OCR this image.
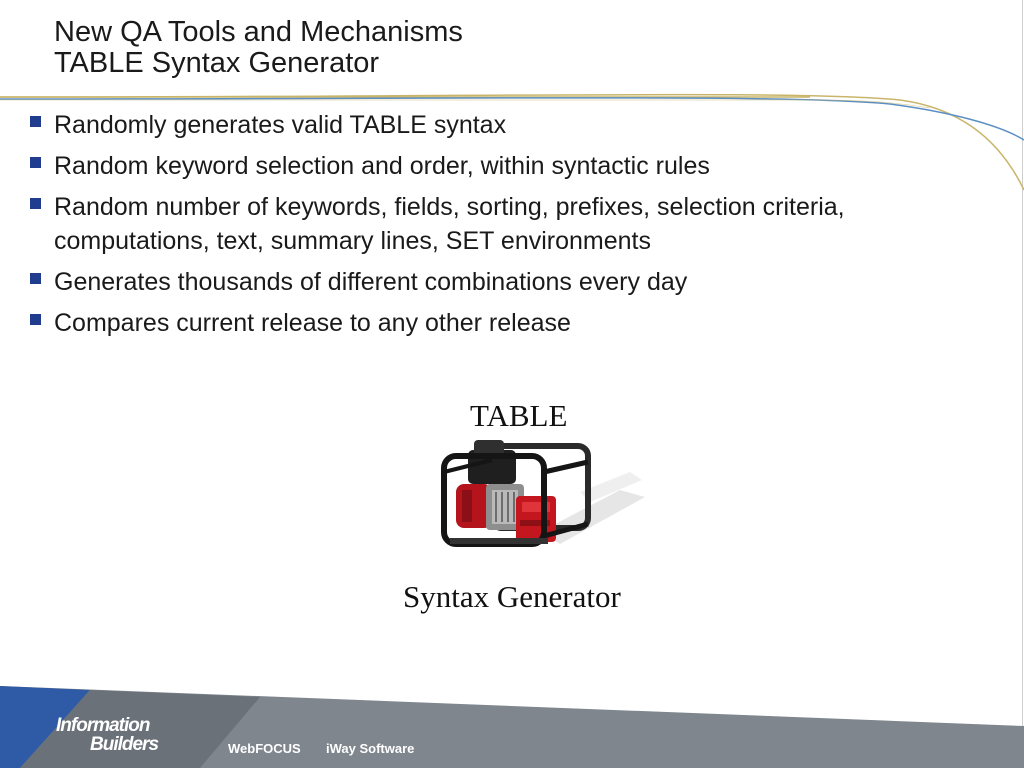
New QA Tools and Mechanisms
TABLE Syntax Generator
Randomly generates valid TABLE syntax
Random keyword selection and order, within syntactic rules
Random number of keywords, fields, sorting, prefixes, selection criteria, computations, text, summary lines, SET environments
Generates thousands of different combinations every day
Compares current release to any other release
TABLE
Syntax Generator
Information
Builders	WebFOCUS iWay Software
